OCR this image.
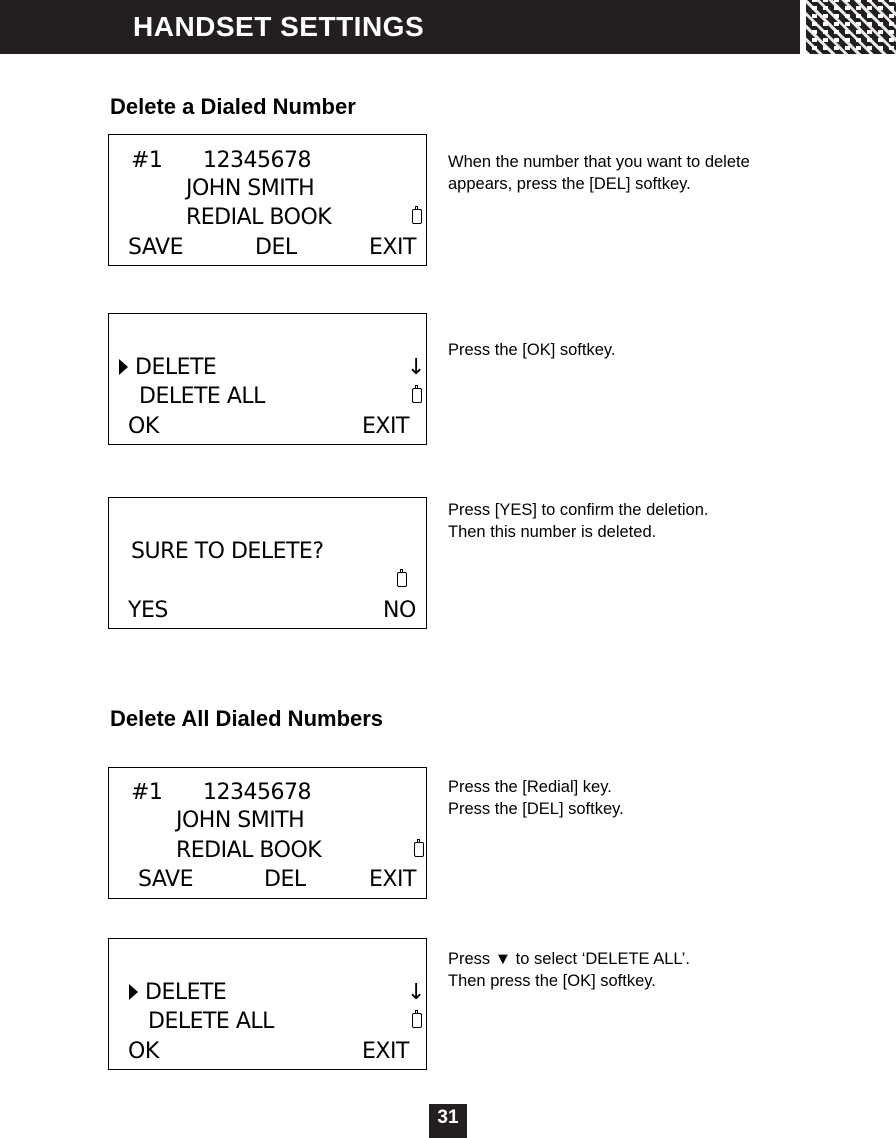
HANDSET SETTINGS
Delete a Dialed Number
#1 12345678
JOHN SMITH
REDIAL BOOK
SAVE	DEL	EXIT
When the number that you want to delete
appears, press the [DEL] softkey.
DELETE	↓
DELETE ALL
OK	EXIT
Press the [OK] softkey.
SURE TO DELETE?
YES	NO
Press [YES] to confirm the deletion.
Then this number is deleted.
Delete All Dialed Numbers
#1 12345678
JOHN SMITH
REDIAL BOOK
SAVE	DEL	EXIT
Press the [Redial] key.
Press the [DEL] softkey.
DELETE	↓
DELETE ALL
OK	EXIT
Press ▼ to select ‘DELETE ALL’.
Then press the [OK] softkey.
31
